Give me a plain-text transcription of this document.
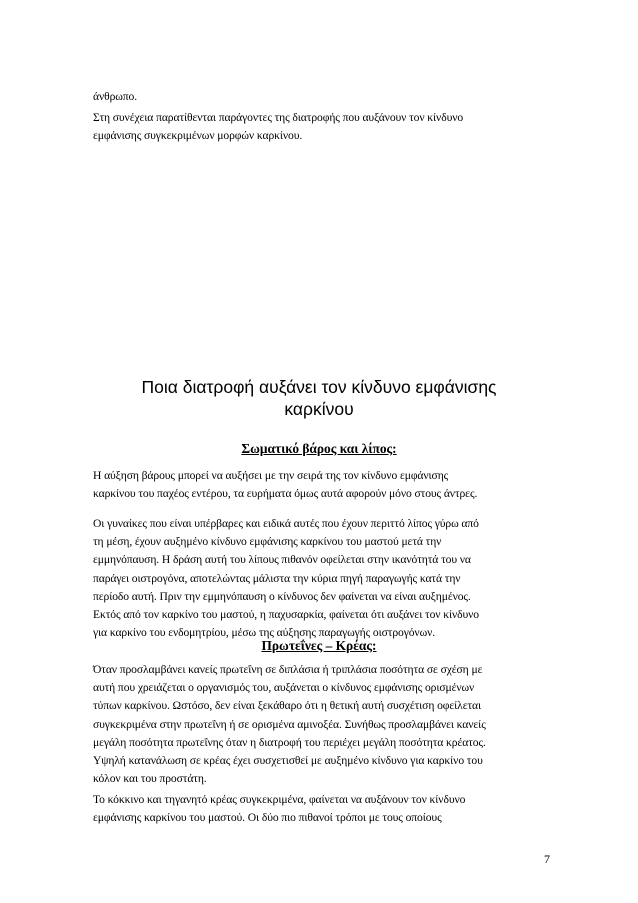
άνθρωπο.

Στη συνέχεια παρατίθενται παράγοντες της διατροφής που αυξάνουν τον κίνδυνο
εμφάνισης συγκεκριμένων μορφών καρκίνου.

Ποια διατροφή αυξάνει τον κίνδυνο εμφάνισης
καρκίνου
Σωματικό βάρος και λίπος:

Η αύξηση βάρους μπορεί να αυξήσει με την σειρά της τον κίνδυνο εμφάνισης
καρκίνου του παχέος εντέρου, τα ευρήματα όμως αυτά αφορούν μόνο στους άντρες.

Οι γυναίκες που είναι υπέρβαρες και ειδικά αυτές που έχουν περιττό λίπος γύρω από
τη μέση, έχουν αυξημένο κίνδυνο εμφάνισης καρκίνου του μαστού μετά την
εμμηνόπαυση. Η δράση αυτή του λίπους πιθανόν οφείλεται στην ικανότητά του να
παράγει οιστρογόνα, αποτελώντας μάλιστα την κύρια πηγή παραγωγής κατά την
περίοδο αυτή. Πριν την εμμηνόπαυση ο κίνδυνος δεν φαίνεται να είναι αυξημένος.
Εκτός από τον καρκίνο του μαστού, η παχυσαρκία, φαίνεται ότι αυξάνει τον κίνδυνο
για καρκίνο του ενδομητρίου, μέσω της αύξησης παραγωγής οιστρογόνων.

Πρωτεΐνες – Κρέας:

Όταν προσλαμβάνει κανείς πρωτεΐνη σε διπλάσια ή τριπλάσια ποσότητα σε σχέση με
αυτή που χρειάζεται ο οργανισμός του, αυξάνεται ο κίνδυνος εμφάνισης ορισμένων
τύπων καρκίνου. Ωστόσο, δεν είναι ξεκάθαρο ότι η θετική αυτή συσχέτιση οφείλεται
συγκεκριμένα στην πρωτεΐνη ή σε ορισμένα αμινοξέα. Συνήθως προσλαμβάνει κανείς
μεγάλη ποσότητα πρωτεΐνης όταν η διατροφή του περιέχει μεγάλη ποσότητα κρέατος.
Υψηλή κατανάλωση σε κρέας έχει συσχετισθεί με αυξημένο κίνδυνο για καρκίνο του
κόλον και του προστάτη.

Το κόκκινο και τηγανητό κρέας συγκεκριμένα, φαίνεται να αυξάνουν τον κίνδυνο
εμφάνισης καρκίνου του μαστού. Οι δύο πιο πιθανοί τρόποι με τους οποίους

7
